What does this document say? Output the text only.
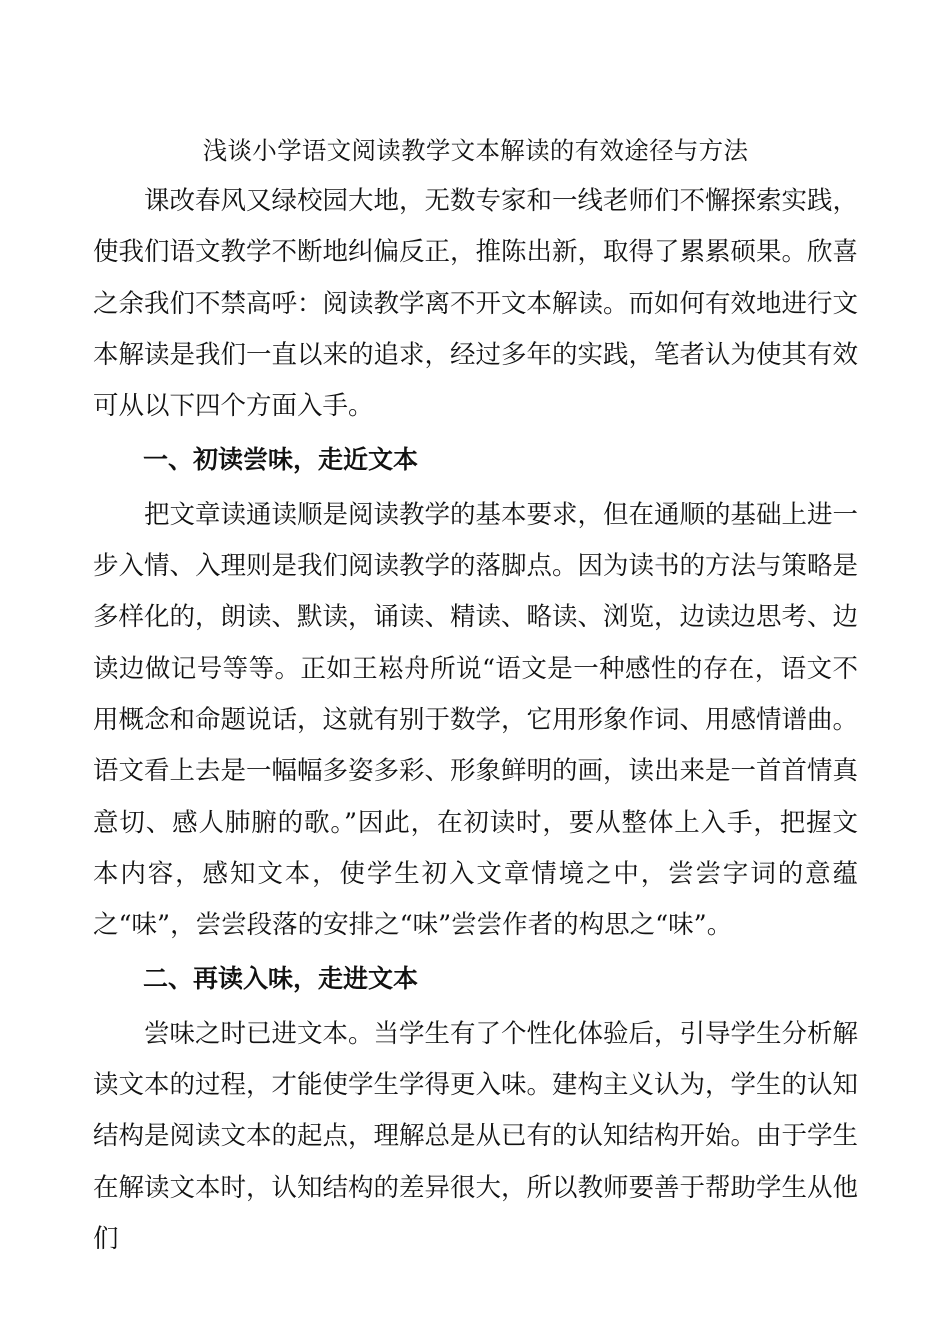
浅谈小学语文阅读教学文本解读的有效途径与方法

课改春风又绿校园大地，无数专家和一线老师们不懈探索实践，使我们语文教学不断地纠偏反正，推陈出新，取得了累累硕果。欣喜之余我们不禁高呼：阅读教学离不开文本解读。而如何有效地进行文本解读是我们一直以来的追求，经过多年的实践，笔者认为使其有效可从以下四个方面入手。

一、初读尝味，走近文本

把文章读通读顺是阅读教学的基本要求，但在通顺的基础上进一步入情、入理则是我们阅读教学的落脚点。因为读书的方法与策略是多样化的，朗读、默读，诵读、精读、略读、浏览，边读边思考、边读边做记号等等。正如王崧舟所说“语文是一种感性的存在，语文不用概念和命题说话，这就有别于数学，它用形象作词、用感情谱曲。语文看上去是一幅幅多姿多彩、形象鲜明的画，读出来是一首首情真意切、感人肺腑的歌。”因此，在初读时，要从整体上入手，把握文本内容，感知文本，使学生初入文章情境之中，尝尝字词的意蕴之“味”，尝尝段落的安排之“味”尝尝作者的构思之“味”。

二、再读入味，走进文本

尝味之时已进文本。当学生有了个性化体验后，引导学生分析解读文本的过程，才能使学生学得更入味。建构主义认为，学生的认知结构是阅读文本的起点，理解总是从已有的认知结构开始。由于学生在解读文本时，认知结构的差异很大，所以教师要善于帮助学生从他们
